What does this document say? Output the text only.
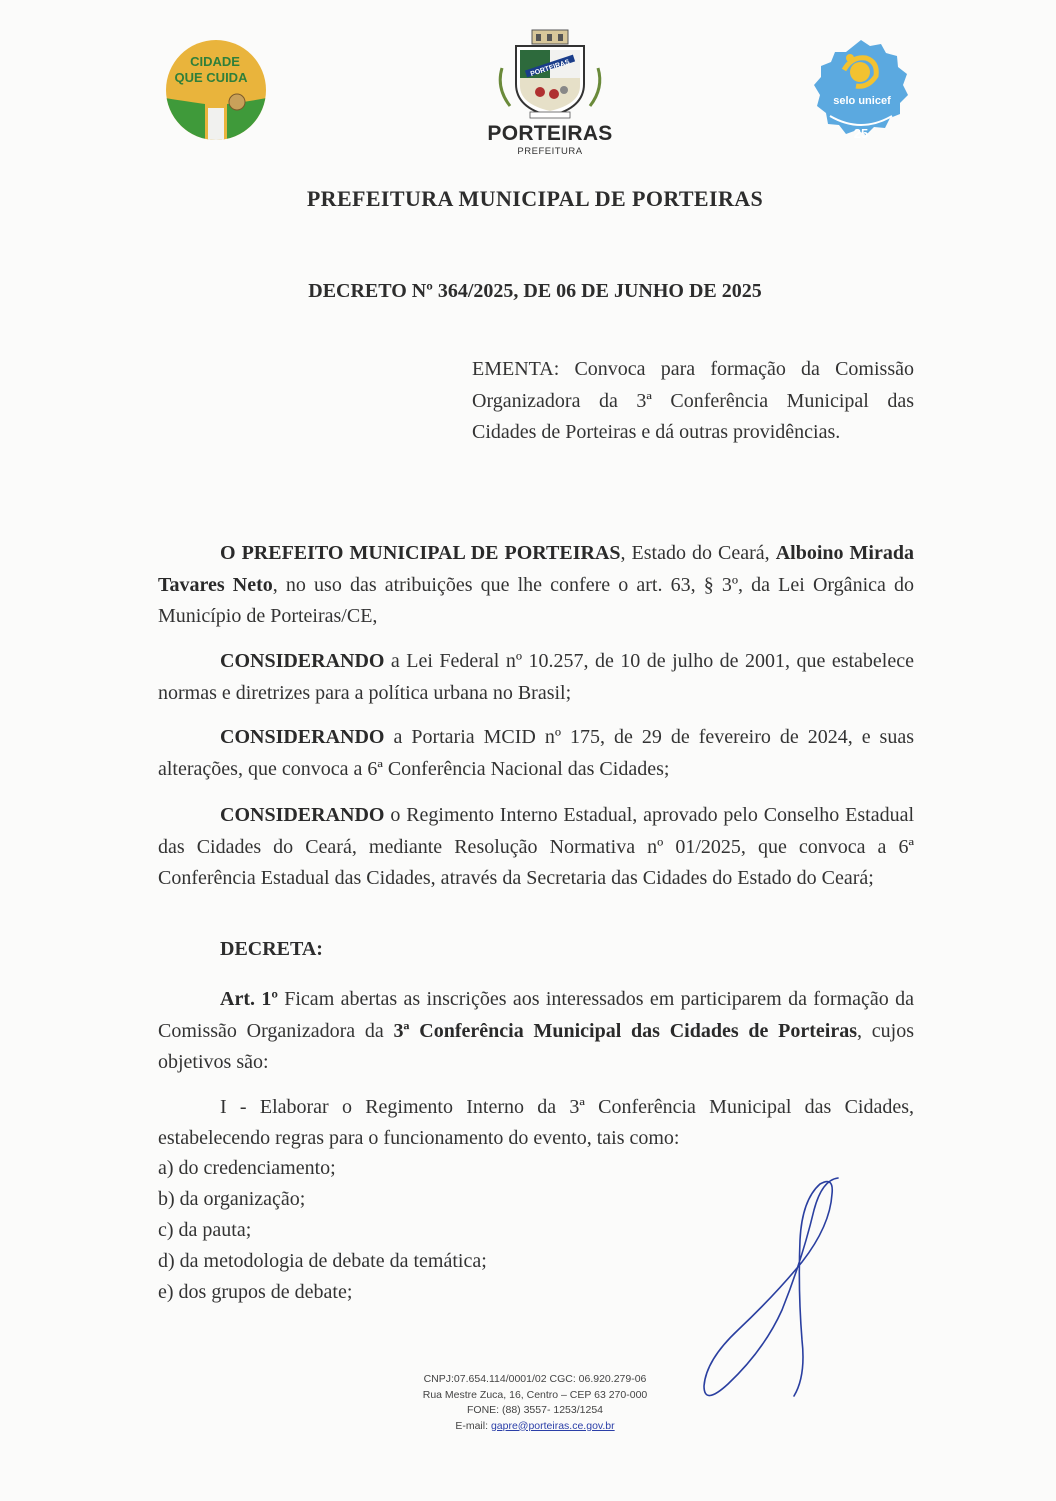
CIDADE
QUE CUIDA	PORTEIRAS
PORTEIRAS
PREFEITURA
selo unicef
25
PREFEITURA MUNICIPAL DE PORTEIRAS
DECRETO Nº 364/2025, DE 06 DE JUNHO DE 2025
EMENTA: Convoca para formação da Comissão Organizadora da 3ª Conferência Municipal das Cidades de Porteiras e dá outras providências.
O PREFEITO MUNICIPAL DE PORTEIRAS, Estado do Ceará, Alboino Mirada Tavares Neto, no uso das atribuições que lhe confere o art. 63, § 3º, da Lei Orgânica do Município de Porteiras/CE,
CONSIDERANDO a Lei Federal nº 10.257, de 10 de julho de 2001, que estabelece normas e diretrizes para a política urbana no Brasil;
CONSIDERANDO a Portaria MCID nº 175, de 29 de fevereiro de 2024, e suas alterações, que convoca a 6ª Conferência Nacional das Cidades;
CONSIDERANDO o Regimento Interno Estadual, aprovado pelo Conselho Estadual das Cidades do Ceará, mediante Resolução Normativa nº 01/2025, que convoca a 6ª Conferência Estadual das Cidades, através da Secretaria das Cidades do Estado do Ceará;
DECRETA:
Art. 1º Ficam abertas as inscrições aos interessados em participarem da formação da Comissão Organizadora da 3ª Conferência Municipal das Cidades de Porteiras, cujos objetivos são:
I - Elaborar o Regimento Interno da 3ª Conferência Municipal das Cidades, estabelecendo regras para o funcionamento do evento, tais como:
a) do credenciamento;
b) da organização;
c) da pauta;
d) da metodologia de debate da temática;
e) dos grupos de debate;
CNPJ:07.654.114/0001/02 CGC: 06.920.279-06
Rua Mestre Zuca, 16, Centro – CEP 63 270-000
FONE: (88) 3557- 1253/1254
E-mail: gapre@porteiras.ce.gov.br
